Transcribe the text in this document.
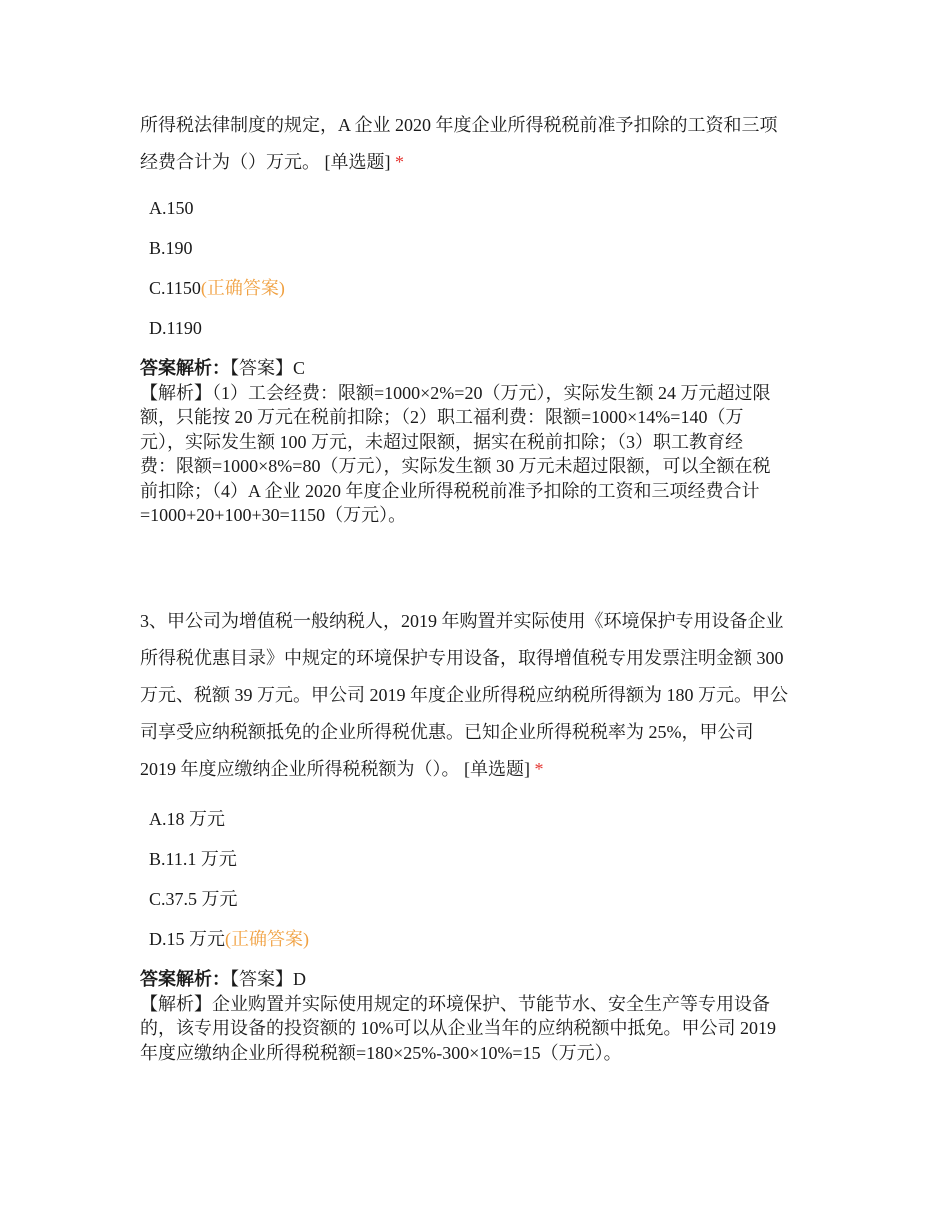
所得税法律制度的规定，A 企业 2020 年度企业所得税税前准予扣除的工资和三项
经费合计为（）万元。 [单选题] *

A.150
B.190
C.1150 (正确答案)
D.1190
答案解析：【答案】C
【解析】（1）工会经费：限额=1000×2%=20（万元），实际发生额 24 万元超过限
额，只能按 20 万元在税前扣除；（2）职工福利费：限额=1000×14%=140（万
元），实际发生额 100 万元，未超过限额，据实在税前扣除；（3）职工教育经
费：限额=1000×8%=80（万元），实际发生额 30 万元未超过限额，可以全额在税
前扣除；（4）A 企业 2020 年度企业所得税税前准予扣除的工资和三项经费合计
=1000+20+100+30=1150（万元）。

3、甲公司为增值税一般纳税人，2019 年购置并实际使用《环境保护专用设备企业
所得税优惠目录》中规定的环境保护专用设备，取得增值税专用发票注明金额 300
万元、税额 39 万元。甲公司 2019 年度企业所得税应纳税所得额为 180 万元。甲公
司享受应纳税额抵免的企业所得税优惠。已知企业所得税税率为 25%，甲公司
2019 年度应缴纳企业所得税税额为（）。 [单选题] *

A.18 万元
B.11.1 万元
C.37.5 万元
D.15 万元 (正确答案)
答案解析：【答案】D
【解析】企业购置并实际使用规定的环境保护、节能节水、安全生产等专用设备
的，该专用设备的投资额的 10%可以从企业当年的应纳税额中抵免。甲公司 2019
年度应缴纳企业所得税税额=180×25%-300×10%=15（万元）。
